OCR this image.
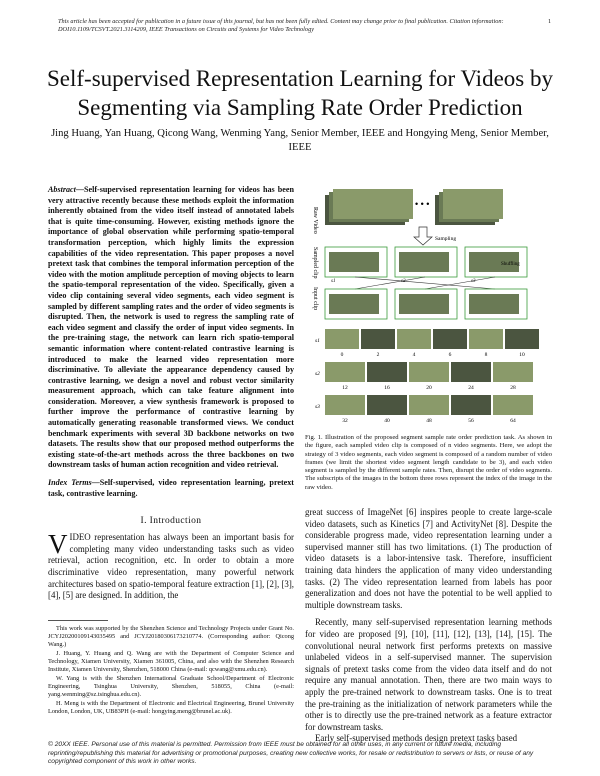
This article has been accepted for publication in a future issue of this journal, but has not been fully edited. Content may change prior to final publication. Citation information: DOI10.1109/TCSVT.2021.3114209, IEEE Transactions on Circuits and Systems for Video Technology
1
Self-supervised Representation Learning for Videos by Segmenting via Sampling Rate Order Prediction
Jing Huang, Yan Huang, Qicong Wang, Wenming Yang, Senior Member, IEEE and Hongying Meng, Senior Member, IEEE

Abstract—Self-supervised representation learning for videos has been very attractive recently because these methods exploit the information inherently obtained from the video itself instead of annotated labels that is quite time-consuming. However, existing methods ignore the importance of global observation while performing spatio-temporal transformation perception, which highly limits the expression capabilities of the video representation. This paper proposes a novel pretext task that combines the temporal information perception of the video with the motion amplitude perception of moving objects to learn the spatio-temporal representation of the video. Specifically, given a video clip containing several video segments, each video segment is sampled by different sampling rates and the order of video segments is disrupted. Then, the network is used to regress the sampling rate of each video segment and classify the order of input video segments. In the pre-training stage, the network can learn rich spatio-temporal semantic information where content-related contrastive learning is introduced to make the learned video representation more discriminative. To alleviate the appearance dependency caused by contrastive learning, we design a novel and robust vector similarity measurement approach, which can take feature alignment into consideration. Moreover, a view synthesis framework is proposed to further improve the performance of contrastive learning by automatically generating reasonable transformed views. We conduct benchmark experiments with several 3D backbone networks on two datasets. The results show that our proposed method outperforms the existing state-of-the-art methods across the three backbones on two downstream tasks of human action recognition and video retrieval.

Index Terms—Self-supervised, video representation learning, pretext task, contrastive learning.

I. Introduction

VIDEO representation has always been an important basis for completing many video understanding tasks such as video retrieval, action recognition, etc. In order to obtain a more discriminative video representation, many powerful network architectures based on spatio-temporal feature extraction [1], [2], [3], [4], [5] are designed. In addition, the

This work was supported by the Shenzhen Science and Technology Projects under Grant No. JCYJ20200109143035495 and JCYJ20180306173210774. (Corresponding author: Qicong Wang.)

J. Huang, Y. Huang and Q. Wang are with the Department of Computer Science and Technology, Xiamen University, Xiamen 361005, China, and also with the Shenzhen Research Institute, Xiamen University, Shenzhen, 518000 China (e-mail: qcwang@xmu.edu.cn).

W. Yang is with the Shenzhen International Graduate School/Department of Electronic Engineering, Tsinghua University, Shenzhen, 518055, China (e-mail: yang.wenming@sz.tsinghua.edu.cn).

H. Meng is with the Department of Electronic and Electrical Engineering, Brunel University London, London, UK, UB83PH (e-mail: hongying.meng@brunel.ac.uk).

Raw Video
Sampled clip
Input clip
• • •
Sampling
s1	s2	s3
Shuffling
0	2	4	6	8	10
12	16	20	24	28
32	40	48	56	64
s1
s2
s3

Fig. 1. Illustration of the proposed segment sample rate order prediction task. As shown in the figure, each sampled video clip is composed of n video segments. Here, we adopt the strategy of 3 video segments, each video segment is composed of a random number of video frames (we limit the shortest video segment length candidate to be 3), and each video segment is sampled by the different sample rates. Then, disrupt the order of video segments. The subscripts of the images in the bottom three rows represent the index of the image in the raw video.

great success of ImageNet [6] inspires people to create large-scale video datasets, such as Kinetics [7] and ActivityNet [8]. Despite the considerable progress made, video representation learning under a supervised manner still has two limitations. (1) The production of video datasets is a labor-intensive task. Therefore, insufficient training data hinders the application of many video understanding tasks. (2) The video representation learned from labels has poor generalization and does not have the potential to be well applied to multiple downstream tasks.

Recently, many self-supervised representation learning methods for video are proposed [9], [10], [11], [12], [13], [14], [15]. The convolutional neural network first performs pretexts on massive unlabeled videos in a self-supervised manner. The supervision signals of pretext tasks come from the video data itself and do not require any manual annotation. Then, there are two main ways to apply the pre-trained network to downstream tasks. One is to treat the pre-training as the initialization of network parameters while the other is to directly use the pre-trained network as a feature extractor for downstream tasks.

Early self-supervised methods design pretext tasks based

© 20XX IEEE. Personal use of this material is permitted. Permission from IEEE must be obtained for all other uses, in any current or future media, including reprinting/republishing this material for advertising or promotional purposes, creating new collective works, for resale or redistribution to servers or lists, or reuse of any copyrighted component of this work in other works.
